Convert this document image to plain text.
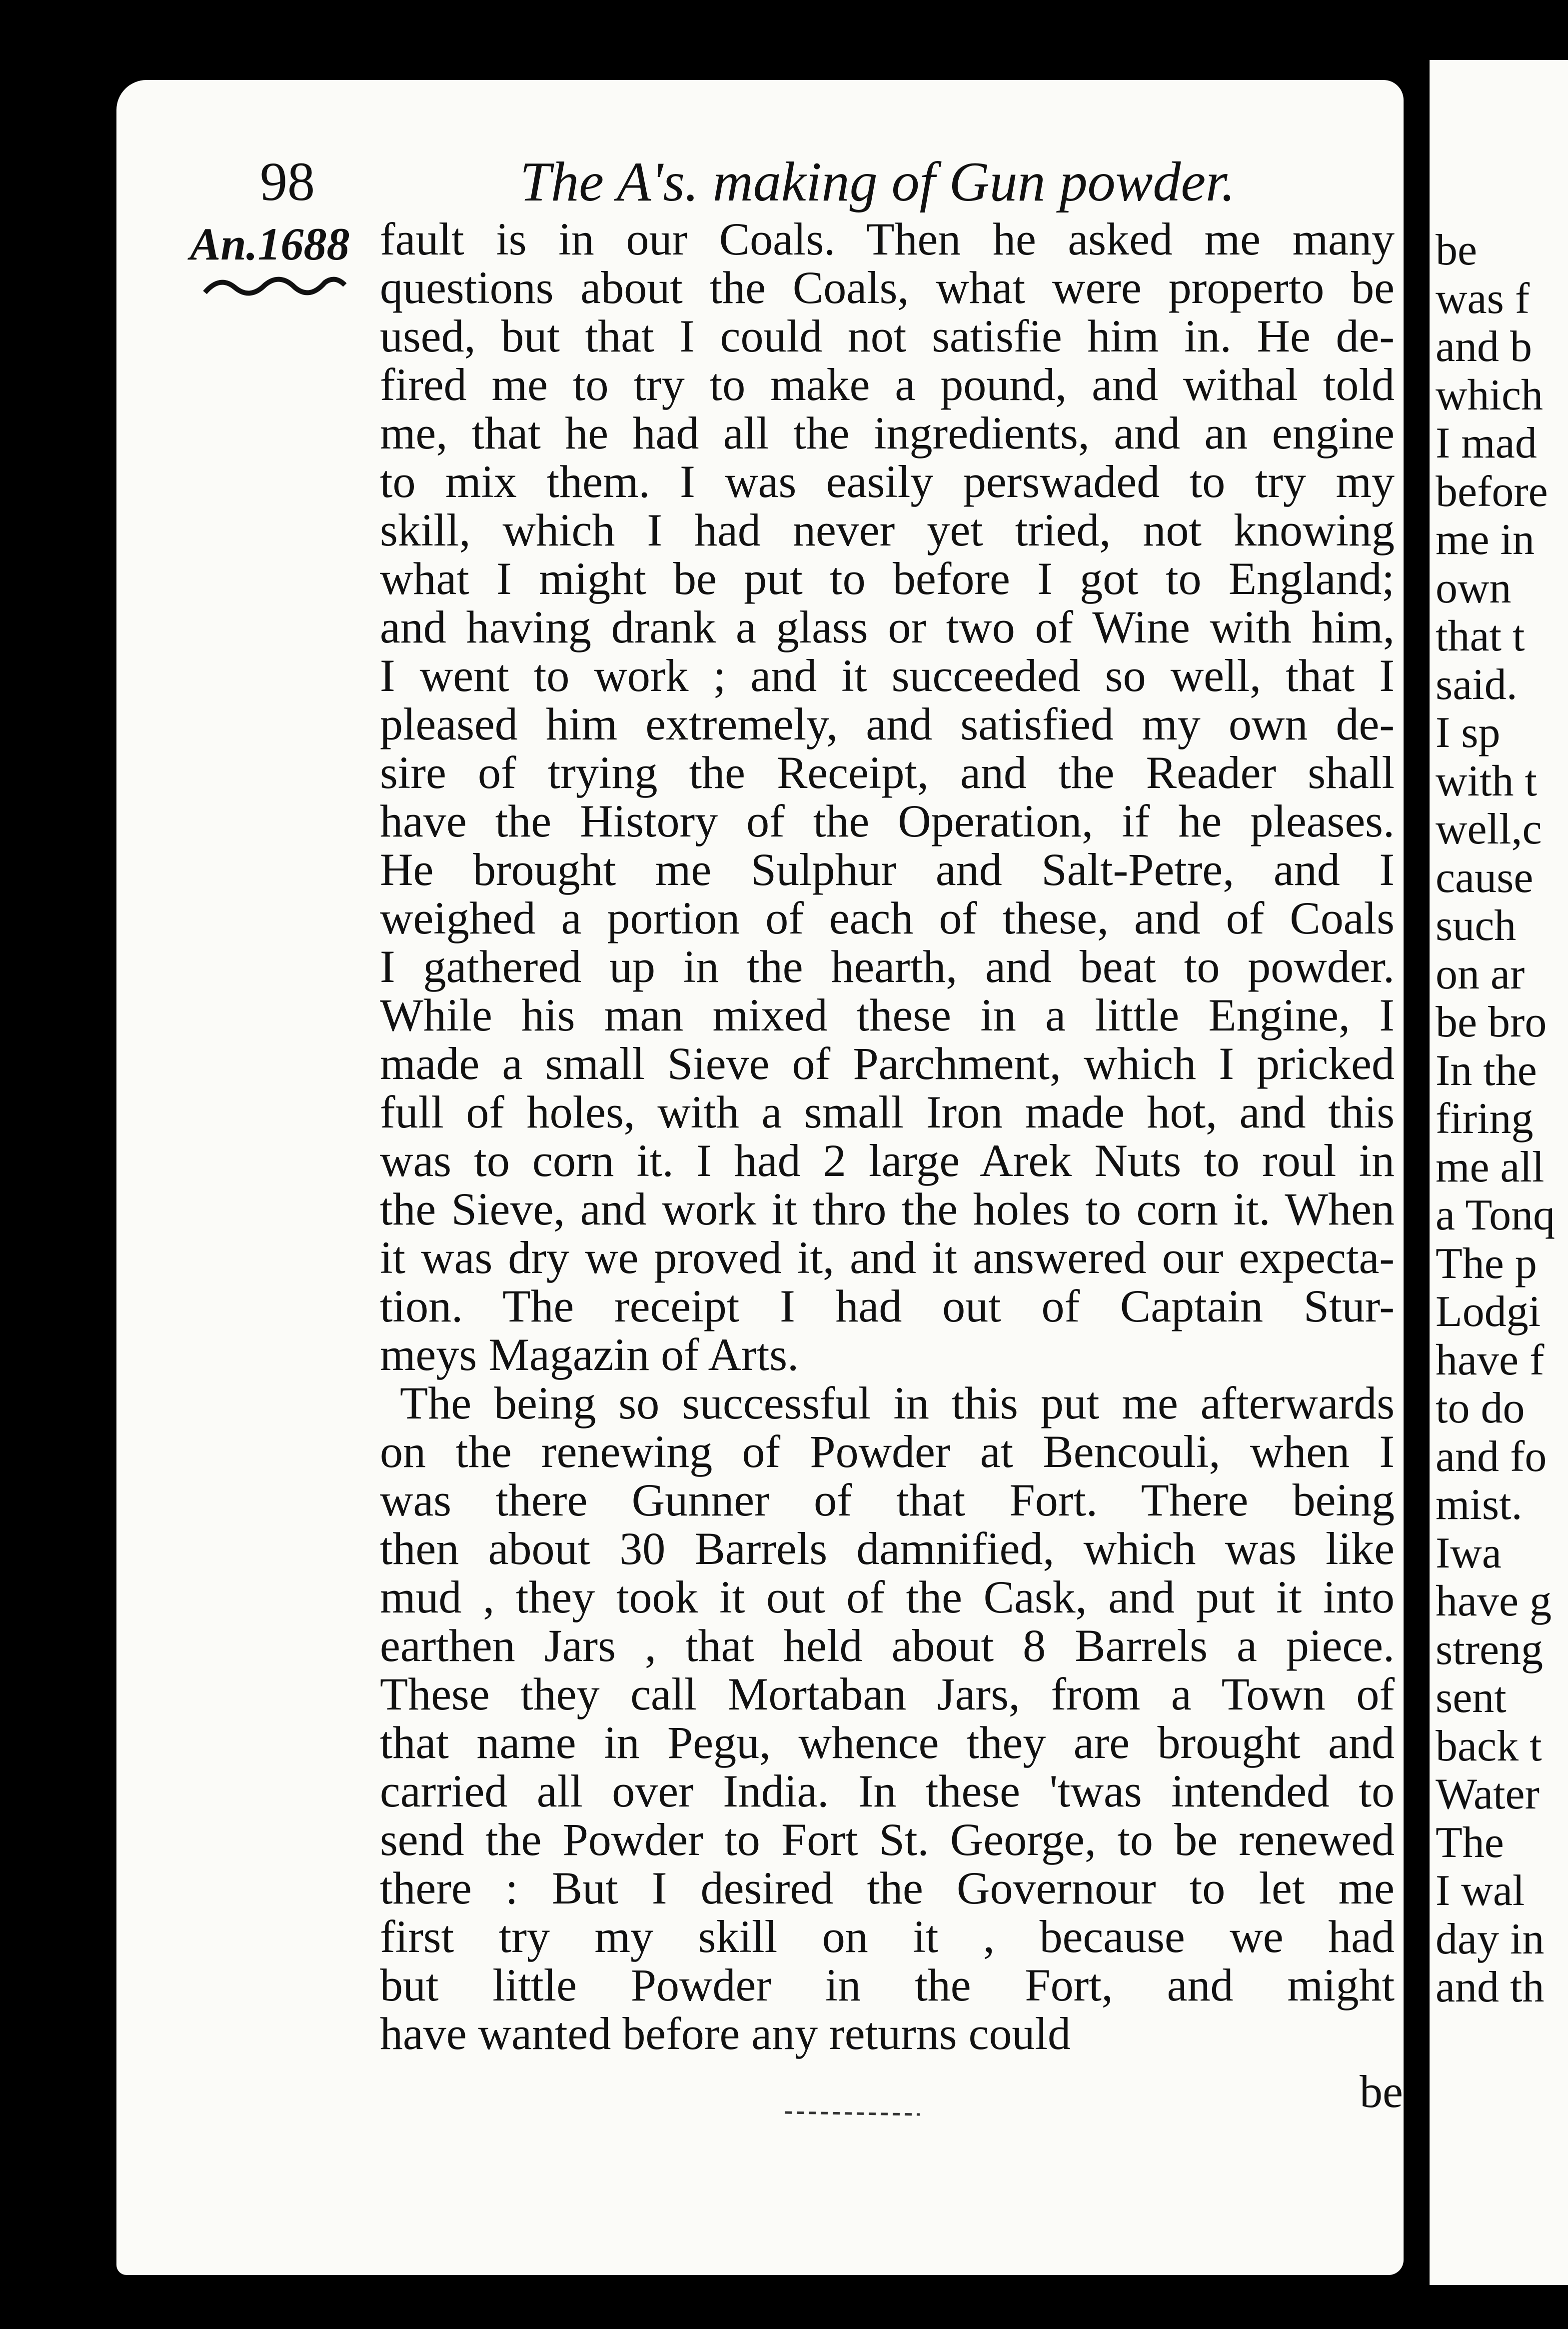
98	The A's. making of Gun powder.
An.1688 fault is in our Coals. Then he asked me many
questions about the Coals, what were properto be
used, but that I could not satisfie him in. He de-
fired me to try to make a pound, and withal told
me, that he had all the ingredients, and an engine
to mix them. I was easily perswaded to try my
skill, which I had never yet tried, not knowing
what I might be put to before I got to England;
and having drank a glass or two of Wine with him,
I went to work ; and it succeeded so well, that I
pleased him extremely, and satisfied my own de-
sire of trying the Receipt, and the Reader shall
have the History of the Operation, if he pleases.
He brought me Sulphur and Salt-Petre, and I
weighed a portion of each of these, and of Coals
I gathered up in the hearth, and beat to powder.
While his man mixed these in a little Engine, I
made a small Sieve of Parchment, which I pricked
full of holes, with a small Iron made hot, and this
was to corn it. I had 2 large Arek Nuts to roul in
the Sieve, and work it thro the holes to corn it. When
it was dry we proved it, and it answered our expecta-
tion. The receipt I had out of Captain Stur-
meys Magazin of Arts.
The being so successful in this put me afterwards
on the renewing of Powder at Bencouli, when I
was there Gunner of that Fort. There being
then about 30 Barrels damnified, which was like
mud , they took it out of the Cask, and put it into
earthen Jars , that held about 8 Barrels a piece.
These they call Mortaban Jars, from a Town of
that name in Pegu, whence they are brought and
carried all over India. In these 'twas intended to
send the Powder to Fort St. George, to be renewed
there : But I desired the Governour to let me
first try my skill on it , because we had
but little Powder in the Fort, and might
have wanted before any returns could
be
be
was f
and b
which
I mad
before
me in
own
that t
said.
I sp
with t
well,c
cause
such
on ar
be bro
In the
firing
me all
a Tonq
The p
Lodgi
have f
to do
and fo
mist.
Iwa
have g
streng
sent
back t
Water
The
I wal
day in
and th
